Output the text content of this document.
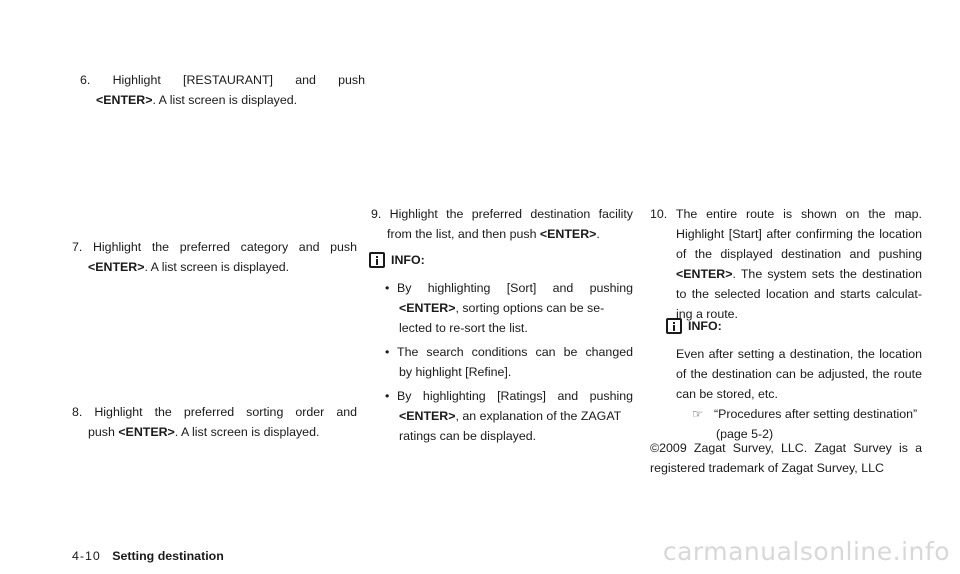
6. Highlight [RESTAURANT] and push
<ENTER>. A list screen is displayed.
7. Highlight the preferred category and push
<ENTER>. A list screen is displayed.
8. Highlight the preferred sorting order and
push <ENTER>. A list screen is displayed.
9. Highlight the preferred destination facility
from the list, and then push <ENTER>.
INFO:
• By highlighting [Sort] and pushing
<ENTER>, sorting options can be se-
lected to re-sort the list.
• The search conditions can be changed
by highlight [Refine].
• By highlighting [Ratings] and pushing
<ENTER>, an explanation of the ZAGAT
ratings can be displayed.
10. The entire route is shown on the map.
Highlight [Start] after confirming the location
of the displayed destination and pushing
<ENTER>. The system sets the destination
to the selected location and starts calculat-
ing a route.
INFO:
Even after setting a destination, the location
of the destination can be adjusted, the route
can be stored, etc.
☞ “Procedures after setting destination”
(page 5-2)
©2009 Zagat Survey, LLC. Zagat Survey is a
registered trademark of Zagat Survey, LLC
4-10 Setting destination	carmanualsonline.info
